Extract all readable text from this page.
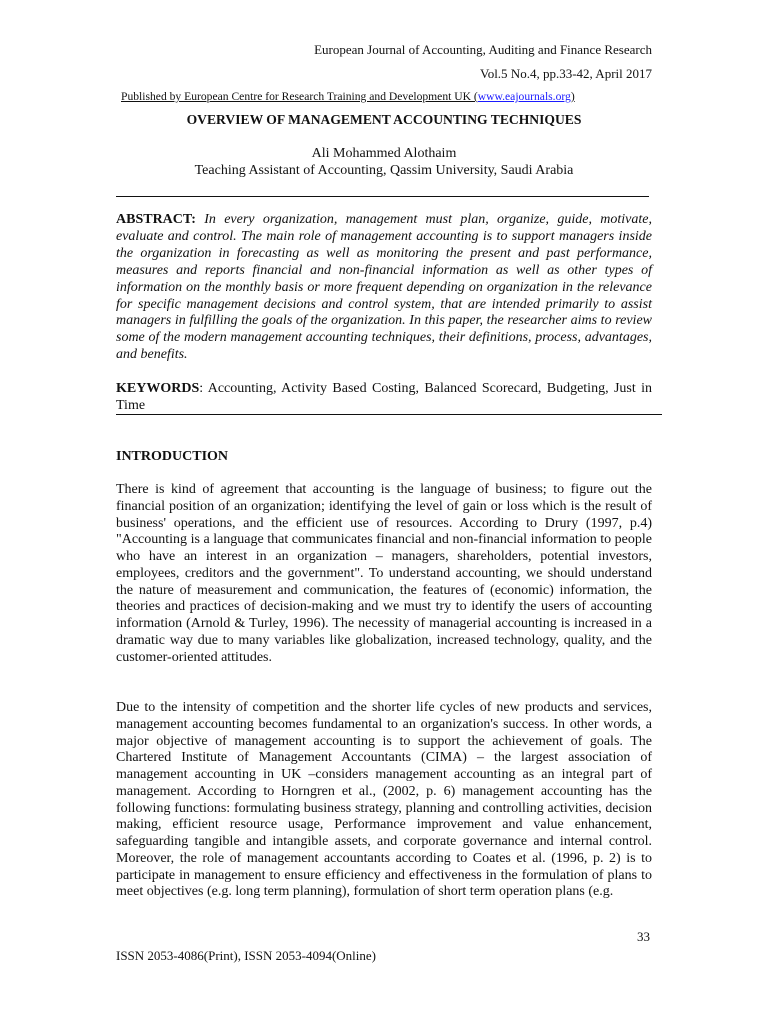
European Journal of Accounting, Auditing and Finance Research
Vol.5 No.4, pp.33-42, April 2017
Published by European Centre for Research Training and Development UK (www.eajournals.org)
OVERVIEW OF MANAGEMENT ACCOUNTING TECHNIQUES
Ali Mohammed Alothaim
Teaching Assistant of Accounting, Qassim University, Saudi Arabia
ABSTRACT: In every organization, management must plan, organize, guide, motivate, evaluate and control. The main role of management accounting is to support managers inside the organization in forecasting as well as monitoring the present and past performance, measures and reports financial and non-financial information as well as other types of information on the monthly basis or more frequent depending on organization in the relevance for specific management decisions and control system, that are intended primarily to assist managers in fulfilling the goals of the organization. In this paper, the researcher aims to review some of the modern management accounting techniques, their definitions, process, advantages, and benefits.
KEYWORDS: Accounting, Activity Based Costing, Balanced Scorecard, Budgeting, Just in Time
INTRODUCTION

There is kind of agreement that accounting is the language of business; to figure out the financial position of an organization; identifying the level of gain or loss which is the result of business' operations, and the efficient use of resources. According to Drury (1997, p.4) "Accounting is a language that communicates financial and non-financial information to people who have an interest in an organization – managers, shareholders, potential investors, employees, creditors and the government". To understand accounting, we should understand the nature of measurement and communication, the features of (economic) information, the theories and practices of decision-making and we must try to identify the users of accounting information (Arnold & Turley, 1996). The necessity of managerial accounting is increased in a dramatic way due to many variables like globalization, increased technology, quality, and the customer-oriented attitudes.

Due to the intensity of competition and the shorter life cycles of new products and services, management accounting becomes fundamental to an organization's success. In other words, a major objective of management accounting is to support the achievement of goals. The Chartered Institute of Management Accountants (CIMA) – the largest association of management accounting in UK –considers management accounting as an integral part of management. According to Horngren et al., (2002, p. 6) management accounting has the following functions: formulating business strategy, planning and controlling activities, decision making, efficient resource usage, Performance improvement and value enhancement, safeguarding tangible and intangible assets, and corporate governance and internal control. Moreover, the role of management accountants according to Coates et al. (1996, p. 2) is to participate in management to ensure efficiency and effectiveness in the formulation of plans to meet objectives (e.g. long term planning), formulation of short term operation plans (e.g.

33
ISSN 2053-4086(Print), ISSN 2053-4094(Online)
